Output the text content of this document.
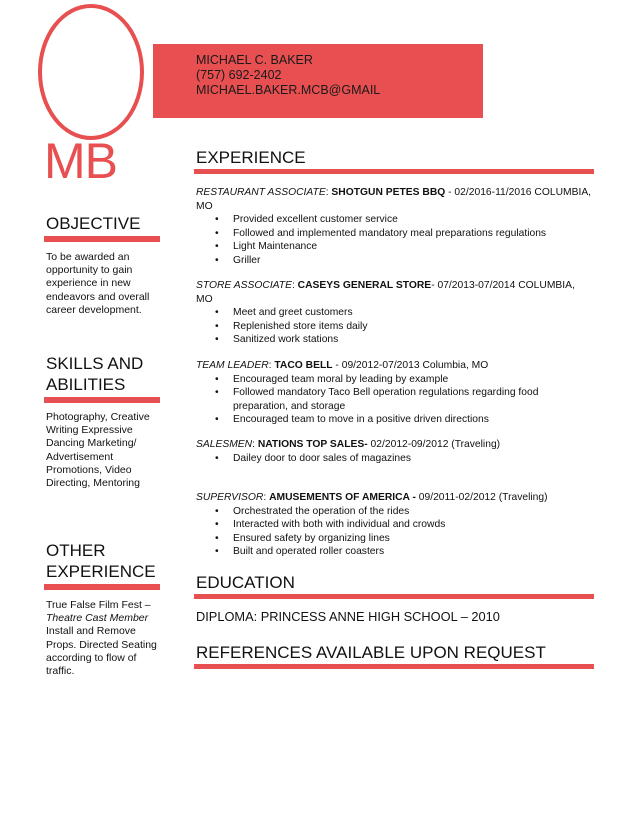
MB
MICHAEL C. BAKER
(757) 692-2402
MICHAEL.BAKER.MCB@GMAIL
OBJECTIVE
To be awarded an opportunity to gain experience in new endeavors and overall career development.
SKILLS AND
ABILITIES
Photography, Creative Writing Expressive Dancing Marketing/ Advertisement Promotions, Video Directing, Mentoring
OTHER
EXPERIENCE
True False Film Fest –
Theatre Cast Member
Install and Remove Props. Directed Seating according to flow of traffic.
EXPERIENCE
RESTAURANT ASSOCIATE: SHOTGUN PETES BBQ - 02/2016-11/2016 COLUMBIA, MO
• Provided excellent customer service
• Followed and implemented mandatory meal preparations regulations
• Light Maintenance
• Griller
STORE ASSOCIATE: CASEYS GENERAL STORE- 07/2013-07/2014 COLUMBIA, MO
• Meet and greet customers
• Replenished store items daily
• Sanitized work stations
TEAM LEADER: TACO BELL - 09/2012-07/2013 Columbia, MO
• Encouraged team moral by leading by example
• Followed mandatory Taco Bell operation regulations regarding food preparation, and storage
• Encouraged team to move in a positive driven directions
SALESMEN: NATIONS TOP SALES- 02/2012-09/2012 (Traveling)
• Dailey door to door sales of magazines
SUPERVISOR: AMUSEMENTS OF AMERICA - 09/2011-02/2012 (Traveling)
• Orchestrated the operation of the rides
• Interacted with both with individual and crowds
• Ensured safety by organizing lines
• Built and operated roller coasters
EDUCATION
DIPLOMA: PRINCESS ANNE HIGH SCHOOL – 2010
REFERENCES AVAILABLE UPON REQUEST
